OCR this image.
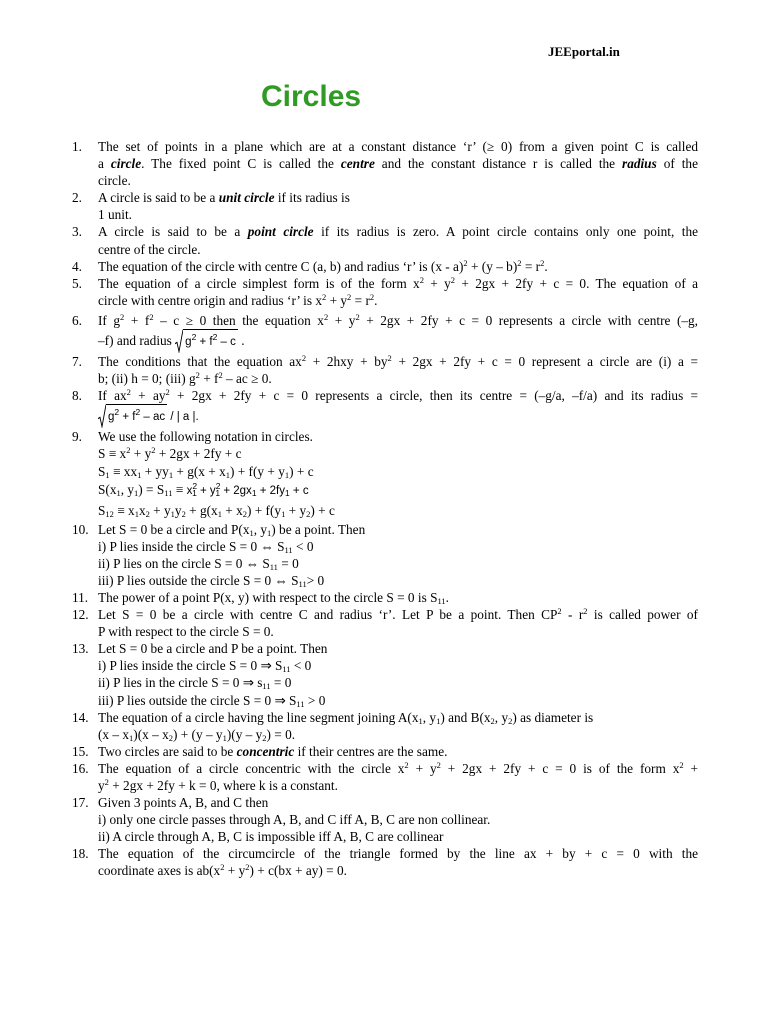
JEEportal.in
Circles
1.	The set of points in a plane which are at a constant distance ‘r’ (≥ 0) from a given point C is called
a circle. The fixed point C is called the centre and the constant distance r is called the radius of the
circle.
2.	A circle is said to be a unit circle if its radius is
1 unit.
3.	A circle is said to be a point circle if its radius is zero. A point circle contains only one point, the
centre of the circle.
4.	The equation of the circle with centre C (a, b) and radius ‘r’ is $(x - a)^2 + (y - b)^2 = r^2$.
5.	The equation of a circle simplest form is of the form $x^2 + y^2 + 2gx + 2fy + c = 0$. The equation of a
circle with centre origin and radius ‘r’ is $x^2 + y^2 = r^2$.
6.	If $g^2 + f^2 - c \ge 0$ then the equation $x^2 + y^2 + 2gx + 2fy + c = 0$ represents a circle with centre (–g,
–f) and radius
$g^2 + f^2 - c$ .
7.	The conditions that the equation $ax^2 + 2hxy + by^2 + 2gx + 2fy + c = 0$ represent a circle are (i) a =
b; (ii) h = 0; (iii) $g^2 + f^2$ – ac ≥ 0.
8.	If $ax^2 + ay^2 + 2gx + 2fy + c = 0$ represents a circle, then its centre = (–g/a, –f/a) and its radius =
$g^2 + f^2$ – ac / | a |.
9.	We use the following notation in circles.
$S \equiv x^2 + y^2 + 2gx + 2fy + c$
$S_1 \equiv xx_1 + yy_1 + g(x + x_1) + f(y + y_1) + c$
$S(x_1$, $y_1) = S_{11} \equiv x^2_1 + y^2_1 + 2gx_1 + 2fy_1 + c$
$S_{12} \equiv x_1x_2 + y_1y_2 + g(x_1 + x_2) + f(y_1 + y_2) + c$
10. Let S = 0 be a circle and $P(x_1$, $y_1$) be a point. Then
i) P lies inside the circle S = 0 ⇔ $S_{11} < 0$
ii) P lies on the circle S = 0 ⇔ $S_{11} = 0$
iii) P lies outside the circle S = 0 ⇔ $S_{11}> 0$
11. The power of a point P(x, y) with respect to the circle S = 0 is $S_{11}$.
12. Let S = 0 be a circle with centre C and radius ‘r’. Let P be a point. Then $CP^2 - r^2$ is called power of
P with respect to the circle S = 0.
13. Let S = 0 be a circle and P be a point. Then
i) P lies inside the circle S = 0 ⇒ $S_{11} < 0$
ii) P lies in the circle S = 0 ⇒ $s_{11} = 0$
iii) P lies outside the circle S = 0 ⇒ $S_{11} > 0$
14. The equation of a circle having the line segment joining $A(x_1$, $y_1$) and $B(x_2$, $y_2$) as diameter is
$(x - x_1)(x - x_2) + (y - y_1)(y - y_2) = 0$.
15. Two circles are said to be concentric if their centres are the same.
16. The equation of a circle concentric with the circle $x^2 + y^2 + 2gx + 2fy + c = 0$ is of the form $x^2$ +
$y^2 + 2gx + 2fy + k = 0$, where k is a constant.
17. Given 3 points A, B, and C then
i) only one circle passes through A, B, and C iff A, B, C are non collinear.
ii) A circle through A, B, C is impossible iff A, B, C are collinear
18. The equation of the circumcircle of the triangle formed by the line ax + by + c = 0 with the
coordinate axes is $ab(x^2 + y^2) + c(bx + ay) = 0$.
